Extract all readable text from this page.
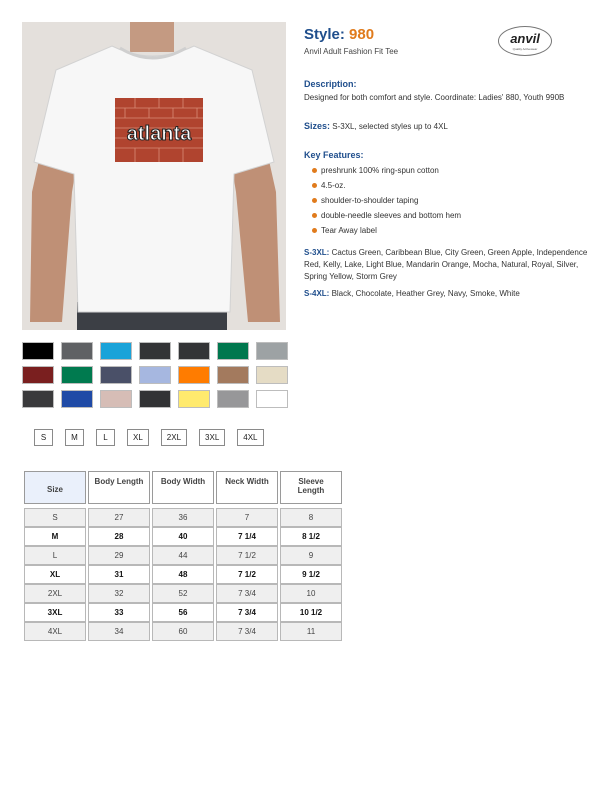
atlanta
S	M	L	XL	2XL	3XL	4XL
Style: 980
Anvil Adult Fashion Fit Tee
Description:
Designed for both comfort and style. Coordinate: Ladies' 880, Youth 990B
Sizes: S-3XL, selected styles up to 4XL
Key Features:
preshrunk 100% ring-spun cotton
4.5-oz.
shoulder-to-shoulder taping
double-needle sleeves and bottom hem
Tear Away label

S-3XL: Cactus Green, Caribbean Blue, City Green, Green Apple, Independence Red, Kelly, Lake, Light Blue, Mandarin Orange, Mocha, Natural, Royal, Silver, Spring Yellow, Storm Grey

S-4XL: Black, Chocolate, Heather Grey, Navy, Smoke, White

anvil
Quality Activewear
Size	Body Length	Body Width	Neck Width	Sleeve Length

S	27	36	7	8
M	28	40	7 1/4	8 1/2
L	29	44	7 1/2	9
XL	31	48	7 1/2	9 1/2
2XL	32	52	7 3/4	10
3XL	33	56	7 3/4	10 1/2
4XL	34	60	7 3/4	11
